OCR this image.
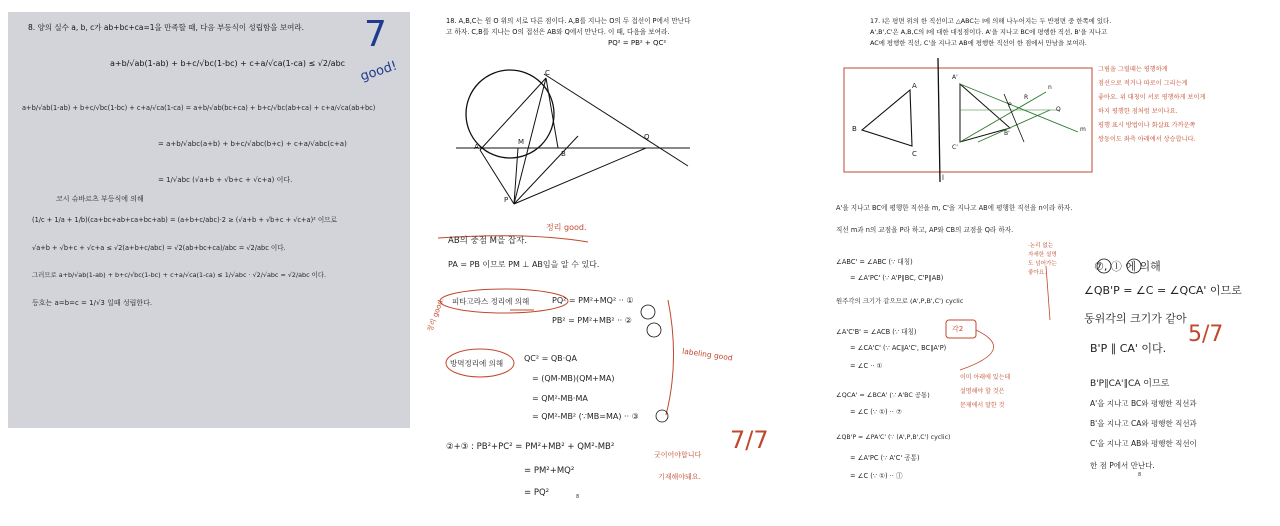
8. 양의 실수 a, b, c가 ab+bc+ca=1을 만족할 때, 다음 부등식이 성립함을 보여라.
a+b/√ab(1-ab) + b+c/√bc(1-bc) + c+a/√ca(1-ca) ≤ √2/abc
7
good!
a+b/√ab(1-ab) + b+c/√bc(1-bc) + c+a/√ca(1-ca) = a+b/√ab(bc+ca) + b+c/√bc(ab+ca) + c+a/√ca(ab+bc)
= a+b/√abc(a+b) + b+c/√abc(b+c) + c+a/√abc(c+a)
= 1/√abc (√a+b + √b+c + √c+a) 이다.
코시 슈바르츠 부등식에 의해
(1/c + 1/a + 1/b)(ca+bc+ab+ca+bc+ab) = (a+b+c/abc)·2 ≥ (√a+b + √b+c + √c+a)² 이므로
√a+b + √b+c + √c+a ≤ √2(a+b+c/abc) = √2(ab+bc+ca)/abc = √2/abc 이다.
그러므로 a+b/√ab(1-ab) + b+c/√bc(1-bc) + c+a/√ca(1-ca) ≤ 1/√abc · √2/√abc = √2/abc 이다.
등호는 a=b=c = 1/√3 일때 성립한다.
18. A,B,C는 원 O 위의 서로 다른 점이다. A,B를 지나는 O의 두 접선이 P에서 만난다
고 하자. C,B를 지나는 O의 접선은 AB와 Q에서 만난다. 이 때, 다음을 보여라.
PQ² = PB² + QC²
C
M
A
B
Q
P
AB의 중점 M을 잡자.
정리 good.
PA = PB 이므로 PM ⊥ AB임을 알 수 있다.
피타고라스 정리에 의해	PQ² = PM²+MQ² ·· ①
PB² = PM²+MB² ·· ②
정리 good.
방멱정리에 의해
QC² = QB·QA
= (QM-MB)(QM+MA)
= QM²-MB·MA
= QM²-MB² (∵MB=MA) ·· ③
labeling good
②+③ : PB²+PC² = PM²+MB² + QM²-MB²
= PM²+MQ²
= PQ²
7/7
굿이어야합니다
기재해야돼요.
8
17. l은 평면 위의 한 직선이고 △ABC는 l에 의해 나누어지는 두 반평면 중 한쪽에 있다.
A',B',C'은 A,B,C의 l에 대한 대칭점이다. A'을 지나고 BC에 평행한 직선, B'을 지나고
AC에 평행한 직선, C'을 지나고 AB에 평행한 직선이 한 점에서 만남을 보여라.
A
B
C
A'
B'
C'
P
R
Q
n
m
l
그림을 그릴때는 평행하게
점선으로 적거나 따로이 그리는게
좋아요. 위 대칭이 서로 평행하게 보이게
하지 평행한 점처럼 보이나요.
평행 표시 방법이나 화살표 가까운쪽
쌍둥이도 좌측 아래에서 상승합니다.
A'을 지나고 BC에 평행한 직선을 m, C'을 지나고 AB에 평행한 직선을 n이라 하자.
직선 m과 n의 교점을 P라 하고, AP와 CB의 교점을 Q라 하자.
∠ABC' = ∠ABC (∵ 대칭)
= ∠A'PC' (∵ A'P∥BC, C'P∥AB)
원주각의 크기가 같으므로 (A',P,B',C') cyclic
·논리 없는 자세한 설명도 넘어가는 좋아요.
∠A'C'B' = ∠ACB (∵ 대칭)
= ∠CA'C' (∵ AC∥A'C', BC∥A'P)
= ∠C ·· ①
각2
이미 아래에 있는데
설명해야 할 것은
문제에서 말한 것
∠QCA' = ∠BCA' (∵ A'BC 공통)
= ∠C (∵ ①) ·· ⑦
∠QB'P = ∠PA'C' (∵ (A',P,B',C') cyclic)
= ∠A'PC (∵ A'C' 공통)
= ∠C (∵ ①) ·· ⓛ
⑦, ⓛ 에 의해
∠QB'P = ∠C = ∠QCA' 이므로
동위각의 크기가 같아
B'P ∥ CA' 이다.
5/7
B'P∥CA'∥CA 이므로
A'을 지나고 BC와 평행한 직선과
B'을 지나고 CA와 평행한 직선과
C'을 지나고 AB와 평행한 직선이
한 점 P에서 만난다.
8
